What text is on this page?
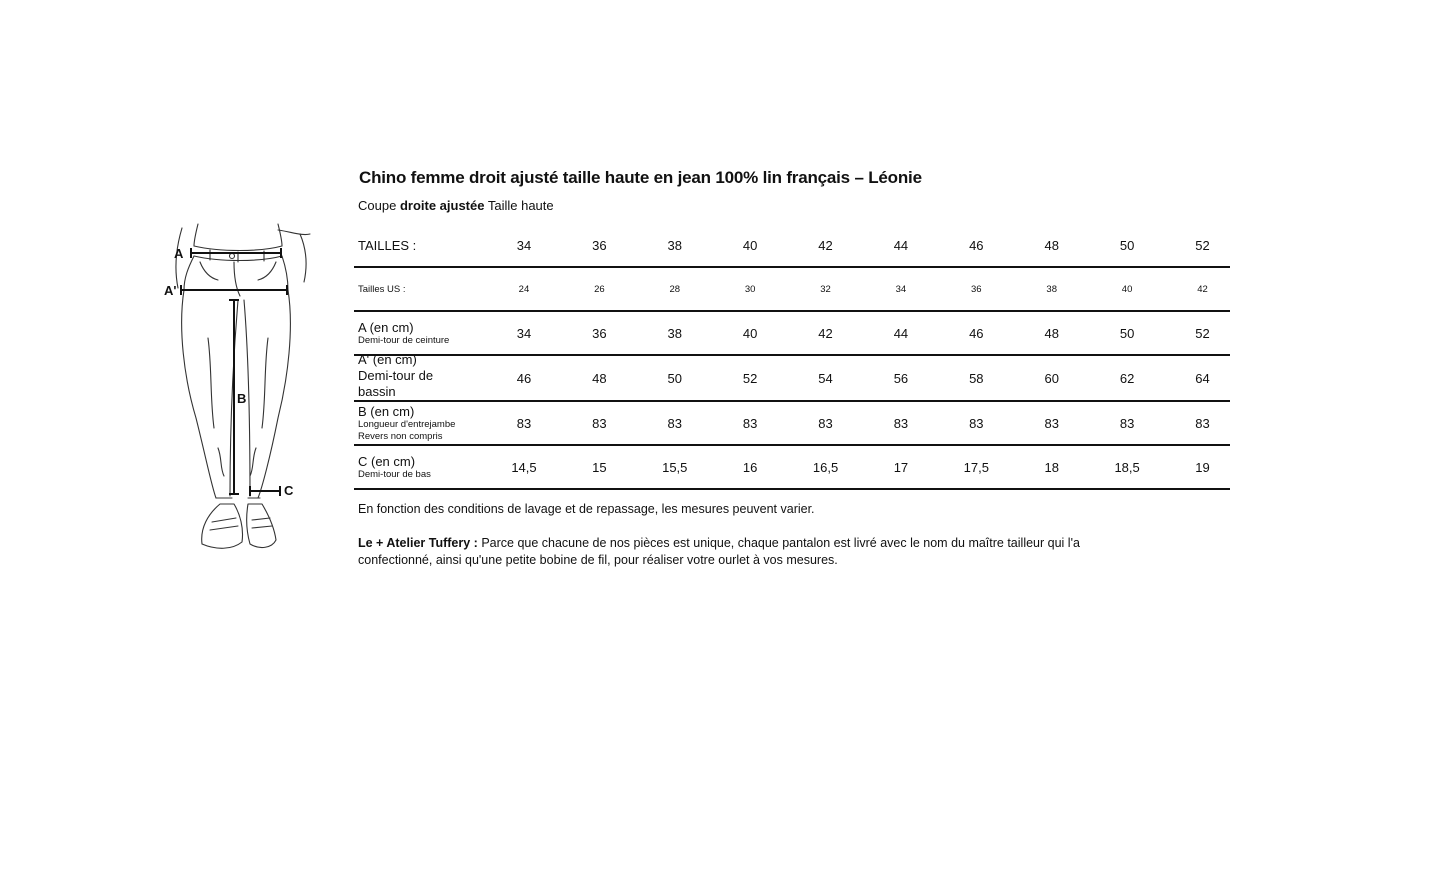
A
A'
B
C
Chino femme droit ajusté taille haute en jean 100% lin français – Léonie
Coupe droite ajustée Taille haute
TAILLES :	34	36	38	40	42	44	46	48	50	52
Tailles US :	24	26	28	30	32	34	36	38	40	42

A (en cm)
Demi-tour de ceinture	34	36	38	40	42	44	46	48	50	52

A' (en cm) Demi-tour de bassin	46	48	50	52	54	56	58	60	62	64

B (en cm)
Longueur d'entrejambe
Revers non compris	83	83	83	83	83	83	83	83	83	83

C (en cm)
Demi-tour de bas	14,5	15	15,5	16	16,5	17	17,5	18	18,5	19
En fonction des conditions de lavage et de repassage, les mesures peuvent varier.
Le + Atelier Tuffery : Parce que chacune de nos pièces est unique, chaque pantalon est livré avec le nom du maître tailleur qui l'a confectionné, ainsi qu'une petite bobine de fil, pour réaliser votre ourlet à vos mesures.
